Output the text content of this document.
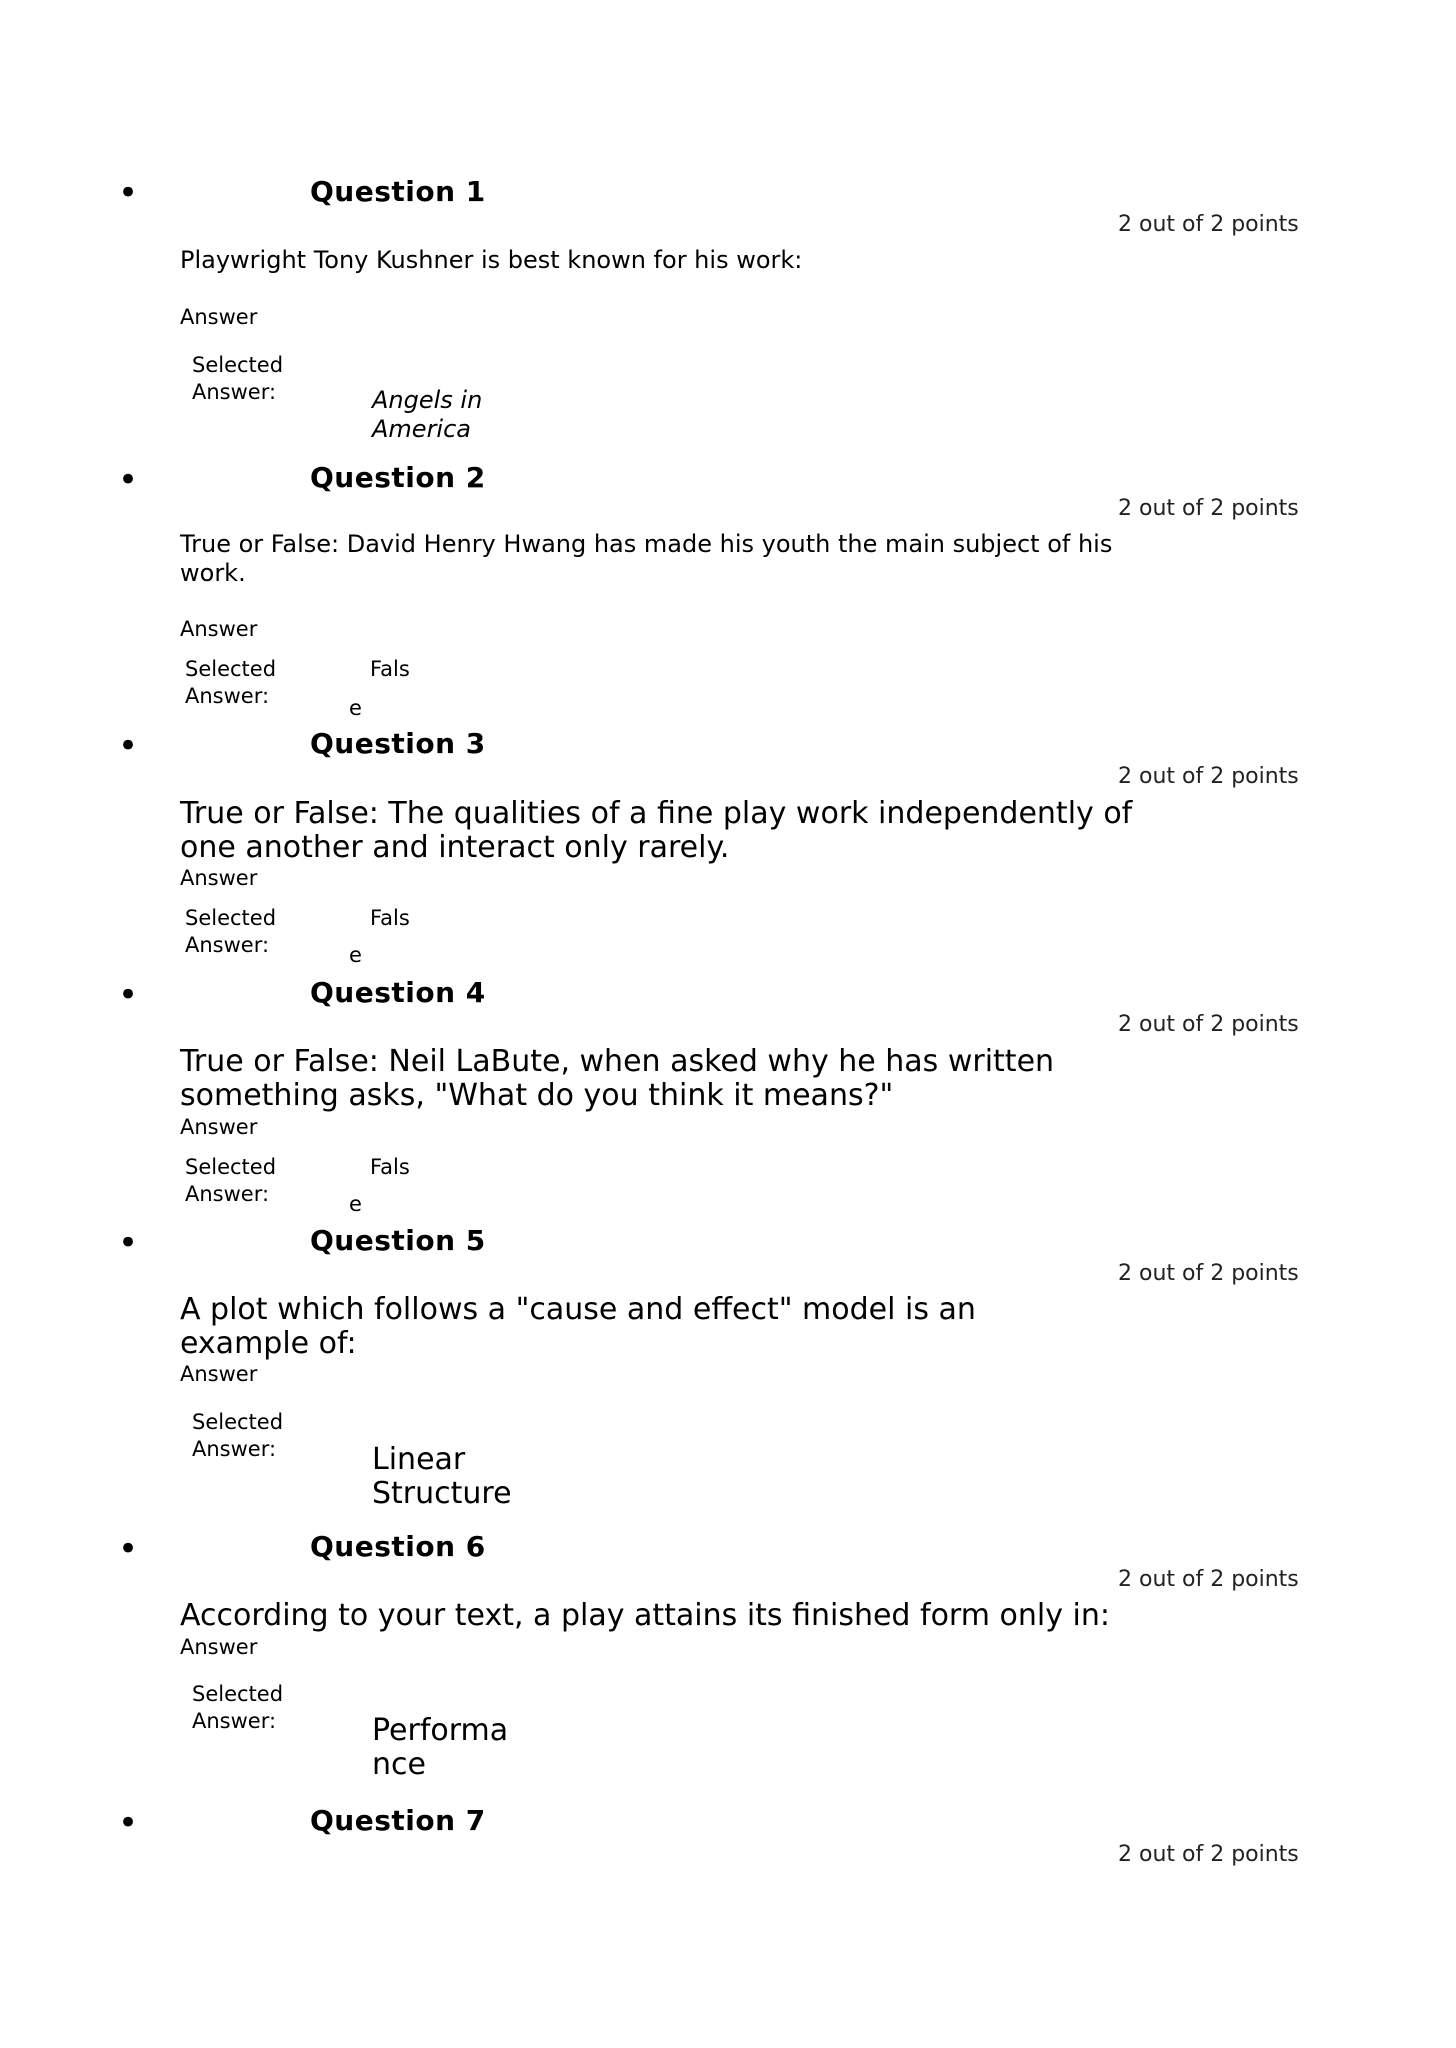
•	Question 1
2 out of 2 points
Playwright Tony Kushner is best known for his work:
Answer
Selected Answer:	Angels in America
•	Question 2
2 out of 2 points
True or False: David Henry Hwang has made his youth the main subject of his work.
Answer
Selected Answer:
Fals
e
•	Question 3
2 out of 2 points
True or False: The qualities of a fine play work independently of one another and interact only rarely.
Answer
Selected Answer:
Fals
e
•	Question 4
2 out of 2 points
True or False: Neil LaBute, when asked why he has written something asks, "What do you think it means?"
Answer
Selected Answer:
Fals
e
•	Question 5
2 out of 2 points
A plot which follows a "cause and effect" model is an example of:
Answer
Selected Answer:	Linear Structure
•	Question 6
2 out of 2 points
According to your text, a play attains its finished form only in:
Answer
Selected Answer:	Performa nce
•	Question 7
2 out of 2 points
